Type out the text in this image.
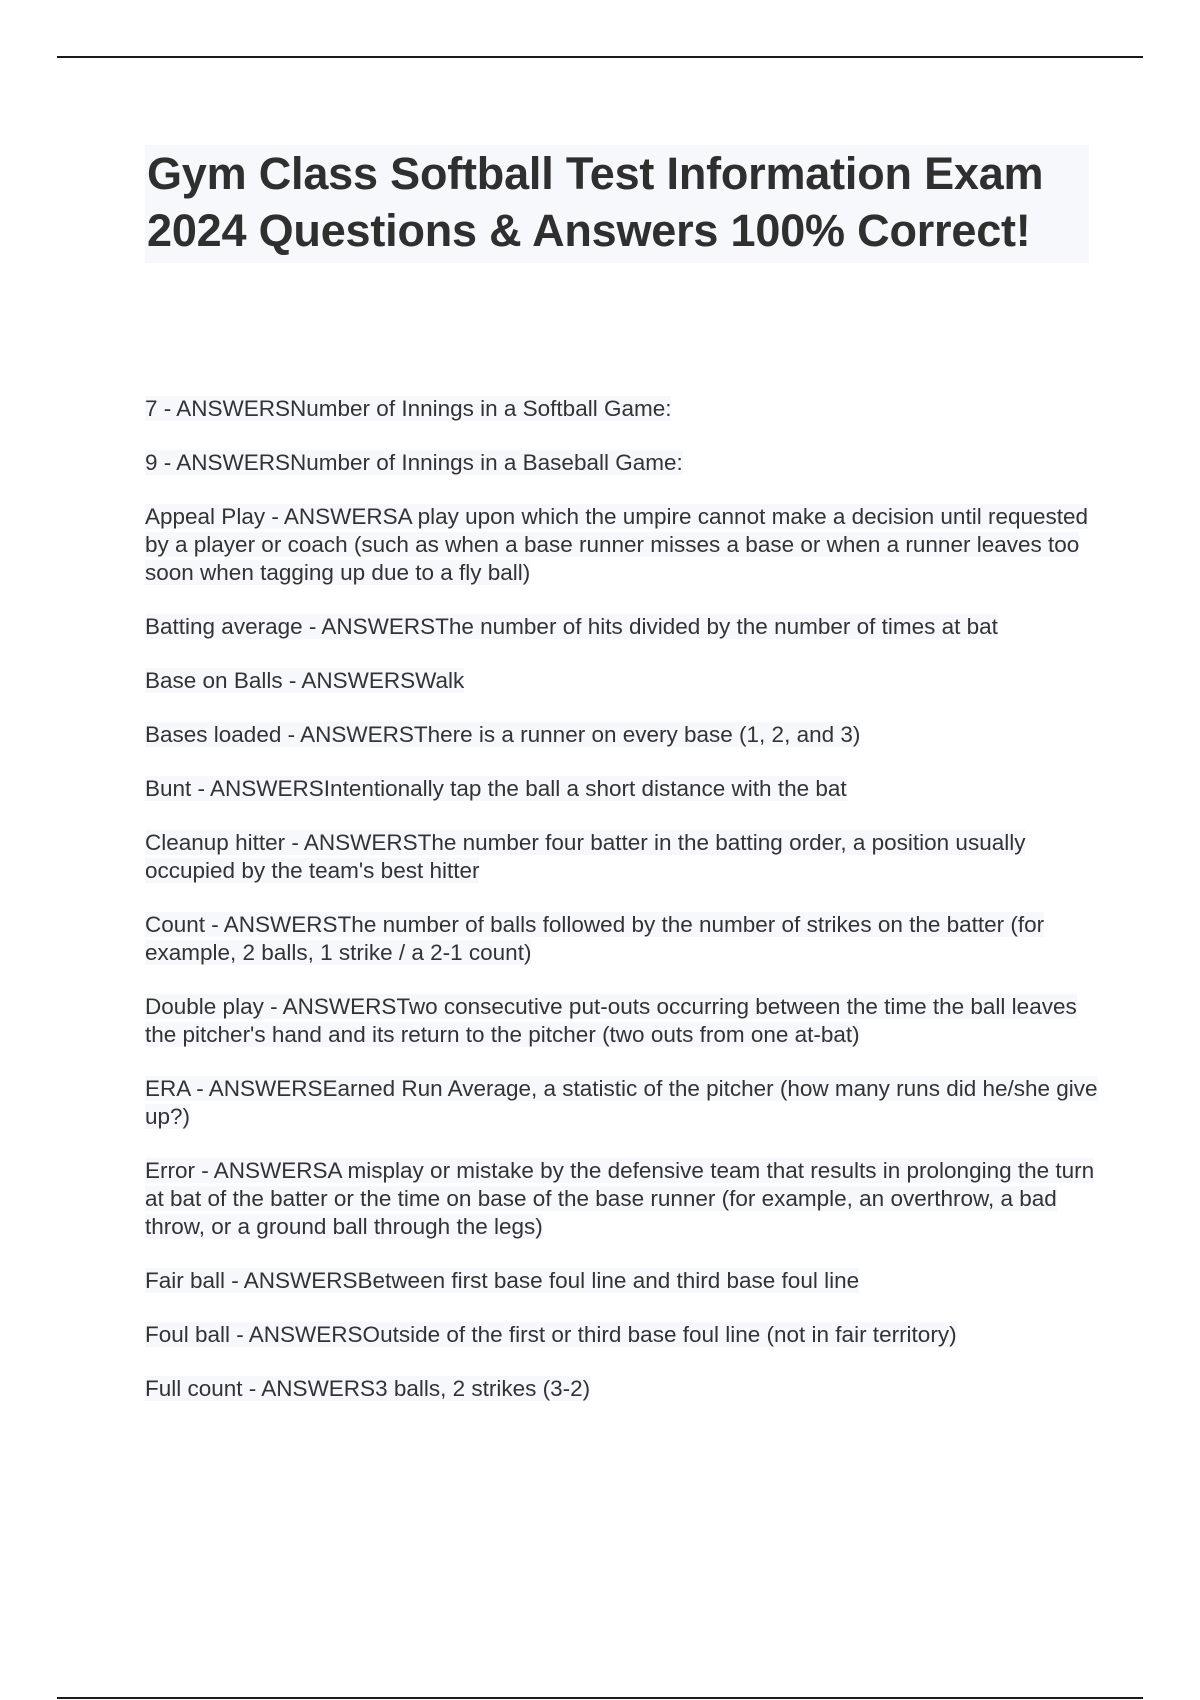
Gym Class Softball Test Information Exam 2024 Questions & Answers 100% Correct!

7 - ANSWERSNumber of Innings in a Softball Game:

9 - ANSWERSNumber of Innings in a Baseball Game:

Appeal Play - ANSWERSA play upon which the umpire cannot make a decision until requested by a player or coach (such as when a base runner misses a base or when a runner leaves too soon when tagging up due to a fly ball)

Batting average - ANSWERSThe number of hits divided by the number of times at bat

Base on Balls - ANSWERSWalk

Bases loaded - ANSWERSThere is a runner on every base (1, 2, and 3)

Bunt - ANSWERSIntentionally tap the ball a short distance with the bat

Cleanup hitter - ANSWERSThe number four batter in the batting order, a position usually occupied by the team's best hitter

Count - ANSWERSThe number of balls followed by the number of strikes on the batter (for example, 2 balls, 1 strike / a 2-1 count)

Double play - ANSWERSTwo consecutive put-outs occurring between the time the ball leaves the pitcher's hand and its return to the pitcher (two outs from one at-bat)

ERA - ANSWERSEarned Run Average, a statistic of the pitcher (how many runs did he/she give up?)

Error - ANSWERSA misplay or mistake by the defensive team that results in prolonging the turn at bat of the batter or the time on base of the base runner (for example, an overthrow, a bad throw, or a ground ball through the legs)

Fair ball - ANSWERSBetween first base foul line and third base foul line

Foul ball - ANSWERSOutside of the first or third base foul line (not in fair territory)

Full count - ANSWERS3 balls, 2 strikes (3-2)
